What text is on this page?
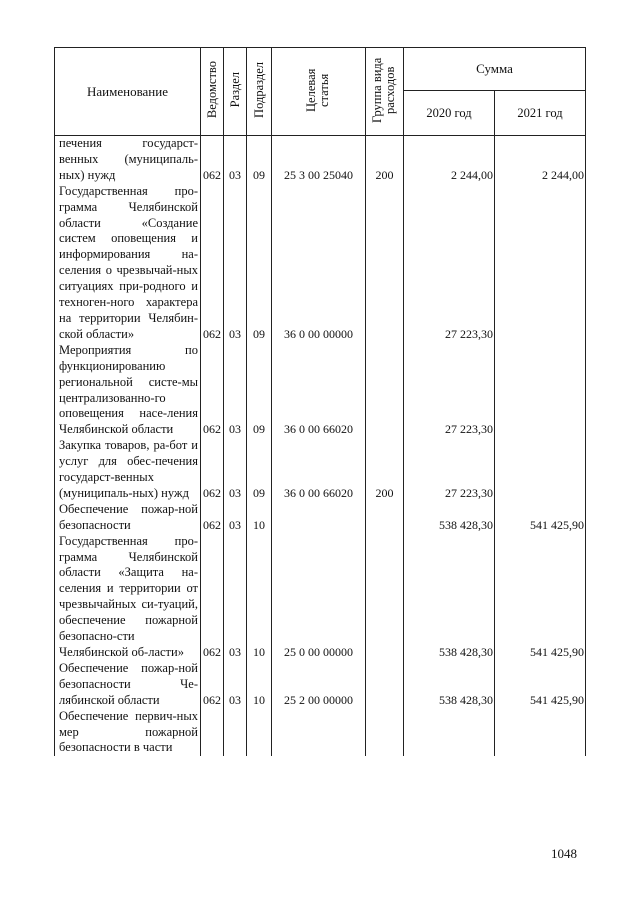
Наименование	Ведомство	Раздел	Подраздел	Целевая статья	Группа вида расходов	Сумма	
						2020 год	2021 год
печения государст-венных (муниципаль-ных) нужд	062	03	09	25 3 00 25040	200	2 244,00	2 244,00
Государственная про-грамма Челябинской области «Создание систем оповещения и информирования на-селения о чрезвычай-ных ситуациях при-родного и техноген-ного характера на территории Челябин-ской области»	062	03	09	36 0 00 00000		27 223,30	
Мероприятия по функционированию региональной систе-мы централизованно-го оповещения насе-ления Челябинской области	062	03	09	36 0 00 66020		27 223,30	
Закупка товаров, ра-бот и услуг для обес-печения государст-венных (муниципаль-ных) нужд	062	03	09	36 0 00 66020	200	27 223,30	
Обеспечение пожар-ной безопасности	062	03	10			538 428,30	541 425,90
Государственная про-грамма Челябинской области «Защита на-селения и территории от чрезвычайных си-туаций, обеспечение пожарной безопасно-сти Челябинской об-ласти»	062	03	10	25 0 00 00000		538 428,30	541 425,90
Обеспечение пожар-ной безопасности Че-лябинской области	062	03	10	25 2 00 00000		538 428,30	541 425,90
Обеспечение первич-ных мер пожарной безопасности в части							
1048
